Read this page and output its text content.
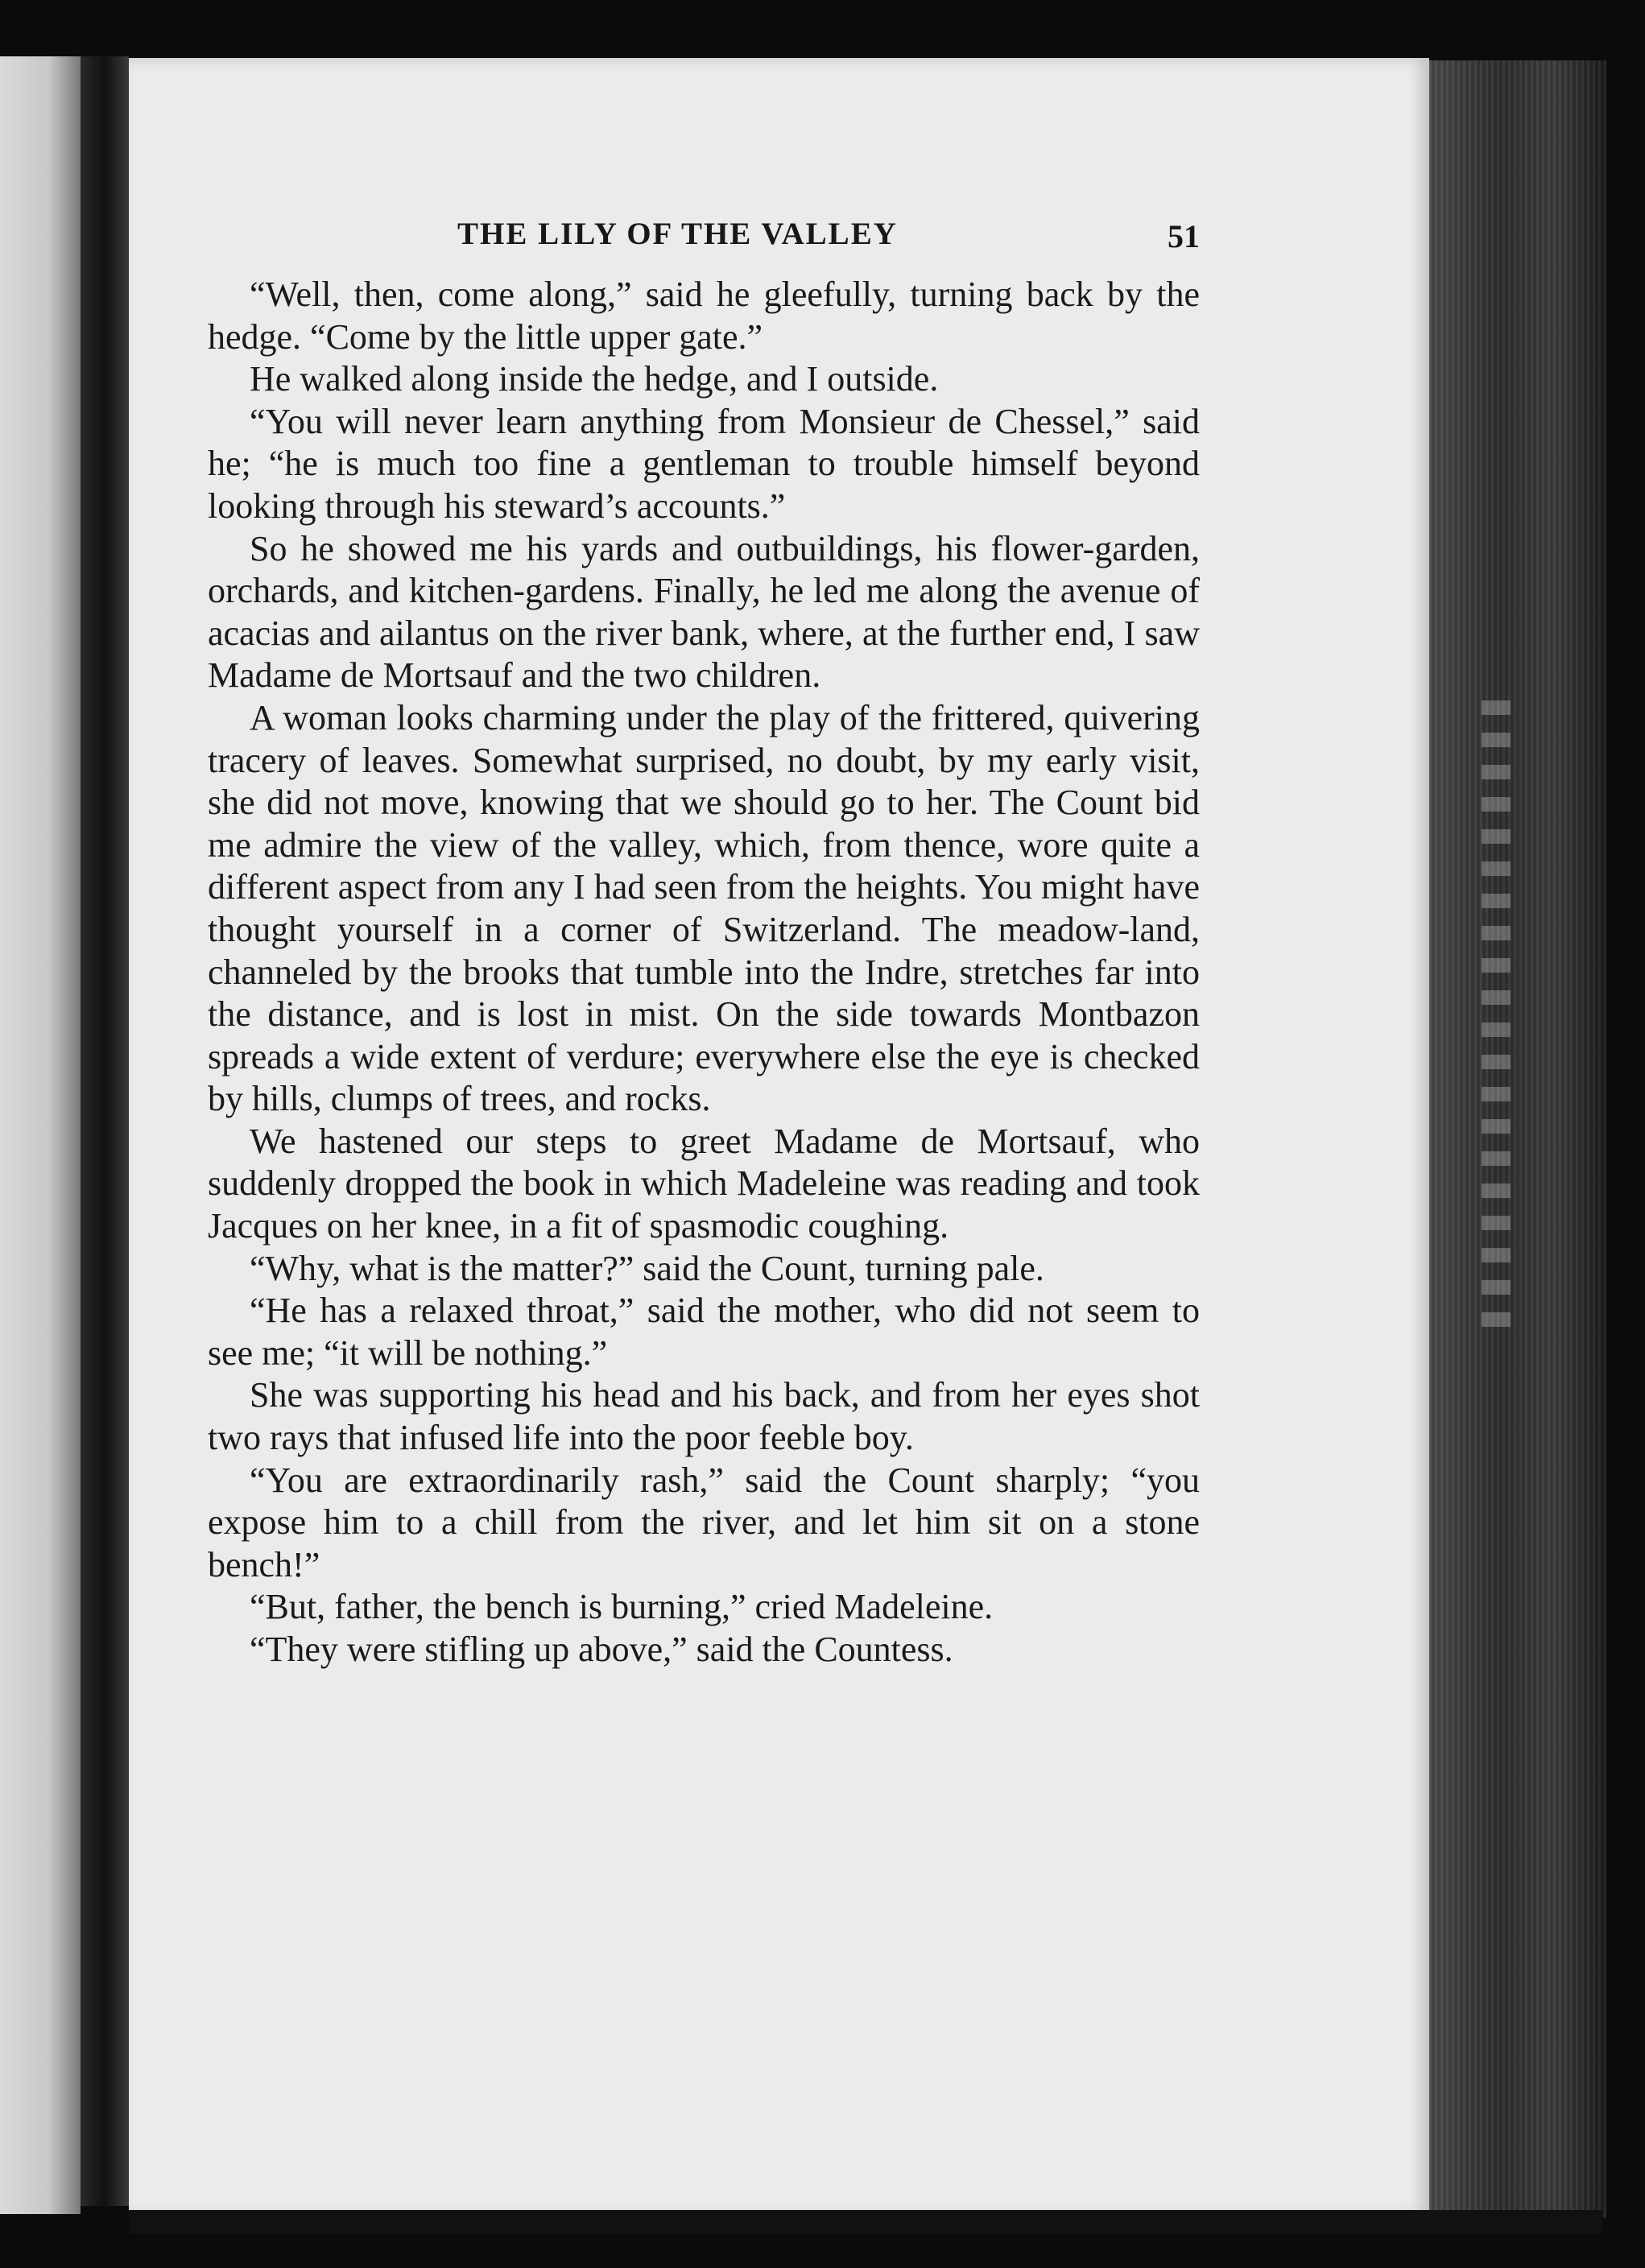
THE LILY OF THE VALLEY	51

“Well, then, come along,” said he gleefully, turning back by the hedge. “Come by the little upper gate.”

He walked along inside the hedge, and I outside.

“You will never learn anything from Monsieur de Chessel,” said he; “he is much too fine a gentleman to trouble himself beyond looking through his steward’s accounts.”

So he showed me his yards and outbuildings, his flower-garden, orchards, and kitchen-gardens. Finally, he led me along the avenue of acacias and ailantus on the river bank, where, at the further end, I saw Madame de Mortsauf and the two children.

A woman looks charming under the play of the frittered, quivering tracery of leaves. Somewhat surprised, no doubt, by my early visit, she did not move, knowing that we should go to her. The Count bid me admire the view of the valley, which, from thence, wore quite a different aspect from any I had seen from the heights. You might have thought yourself in a corner of Switzerland. The meadow-land, channeled by the brooks that tumble into the Indre, stretches far into the distance, and is lost in mist. On the side towards Montbazon spreads a wide extent of verdure; everywhere else the eye is checked by hills, clumps of trees, and rocks.

We hastened our steps to greet Madame de Mortsauf, who suddenly dropped the book in which Madeleine was reading and took Jacques on her knee, in a fit of spasmodic coughing.

“Why, what is the matter?” said the Count, turning pale.

“He has a relaxed throat,” said the mother, who did not seem to see me; “it will be nothing.”

She was supporting his head and his back, and from her eyes shot two rays that infused life into the poor feeble boy.

“You are extraordinarily rash,” said the Count sharply; “you expose him to a chill from the river, and let him sit on a stone bench!”

“But, father, the bench is burning,” cried Madeleine.

“They were stifling up above,” said the Countess.
